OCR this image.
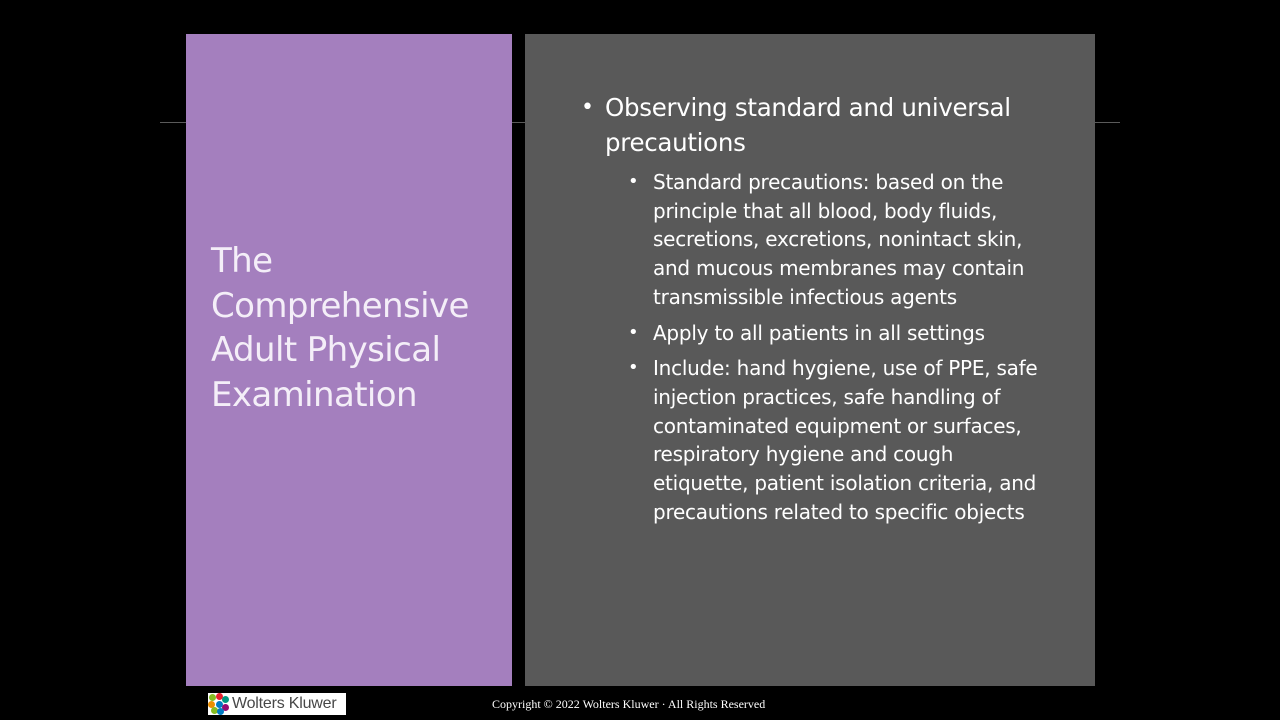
The Comprehensive Adult Physical Examination
• Observing standard and universal precautions
• Standard precautions: based on the principle that all blood, body fluids, secretions, excretions, nonintact skin, and mucous membranes may contain transmissible infectious agents
• Apply to all patients in all settings
• Include: hand hygiene, use of PPE, safe injection practices, safe handling of contaminated equipment or surfaces, respiratory hygiene and cough etiquette, patient isolation criteria, and precautions related to specific objects
Wolters Kluwer	Copyright © 2022 Wolters Kluwer · All Rights Reserved
